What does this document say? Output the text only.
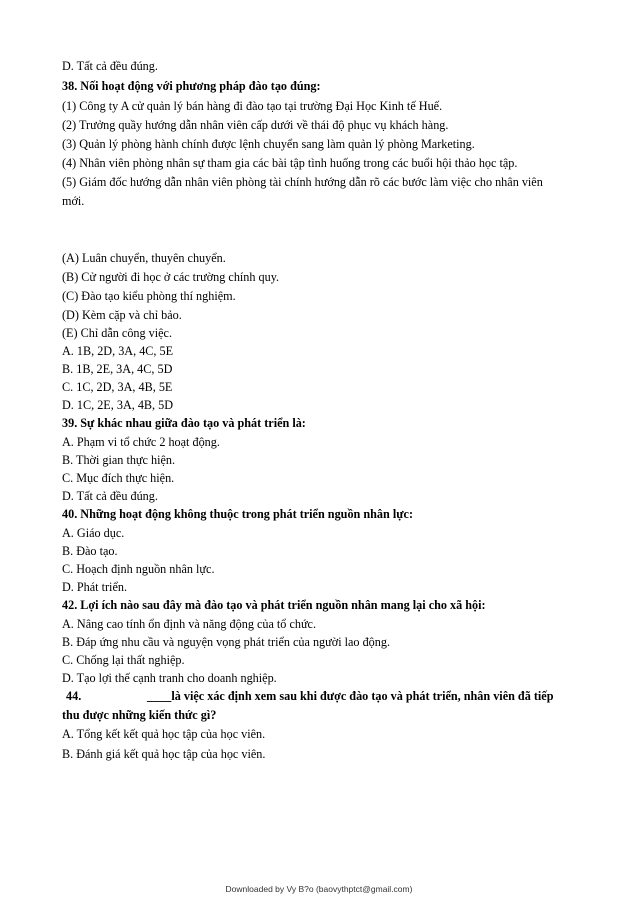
D. Tất cả đều đúng.
38. Nối hoạt động với phương pháp đào tạo đúng:
(1) Công ty A cử quản lý bán hàng đi đào tạo tại trường Đại Học Kinh tế Huế.
(2) Trưởng quầy hướng dẫn nhân viên cấp dưới về thái độ phục vụ khách hàng.
(3) Quản lý phòng hành chính được lệnh chuyển sang làm quản lý phòng Marketing.
(4) Nhân viên phòng nhân sự tham gia các bài tập tình huống trong các buổi hội thảo học tập.
(5) Giám đốc hướng dẫn nhân viên phòng tài chính hướng dẫn rõ các bước làm việc cho nhân viên
mới.
(A) Luân chuyển, thuyên chuyển.
(B) Cử người đi học ở các trường chính quy.
(C) Đào tạo kiểu phòng thí nghiệm.
(D) Kèm cặp và chỉ bảo.
(E) Chỉ dẫn công việc.
A. 1B, 2D, 3A, 4C, 5E
B. 1B, 2E, 3A, 4C, 5D
C. 1C, 2D, 3A, 4B, 5E
D. 1C, 2E, 3A, 4B, 5D
39. Sự khác nhau giữa đào tạo và phát triển là:
A. Phạm vi tổ chức 2 hoạt động.
B. Thời gian thực hiện.
C. Mục đích thực hiện.
D. Tất cả đều đúng.
40. Những hoạt động không thuộc trong phát triển nguồn nhân lực:
A. Giáo dục.
B. Đào tạo.
C. Hoạch định nguồn nhân lực.
D. Phát triển.
42. Lợi ích nào sau đây mà đào tạo và phát triển nguồn nhân mang lại cho xã hội:
A. Nâng cao tính ổn định và năng động của tổ chức.
B. Đáp ứng nhu cầu và nguyện vọng phát triển của người lao động.
C. Chống lại thất nghiệp.
D. Tạo lợi thế cạnh tranh cho doanh nghiệp.
44.	____là việc xác định xem sau khi được đào tạo và phát triển, nhân viên đã tiếp
thu được những kiến thức gì?
A. Tổng kết kết quả học tập của học viên.
B. Đánh giá kết quả học tập của học viên.
Downloaded by Vy B?o (baovythptct@gmail.com)
